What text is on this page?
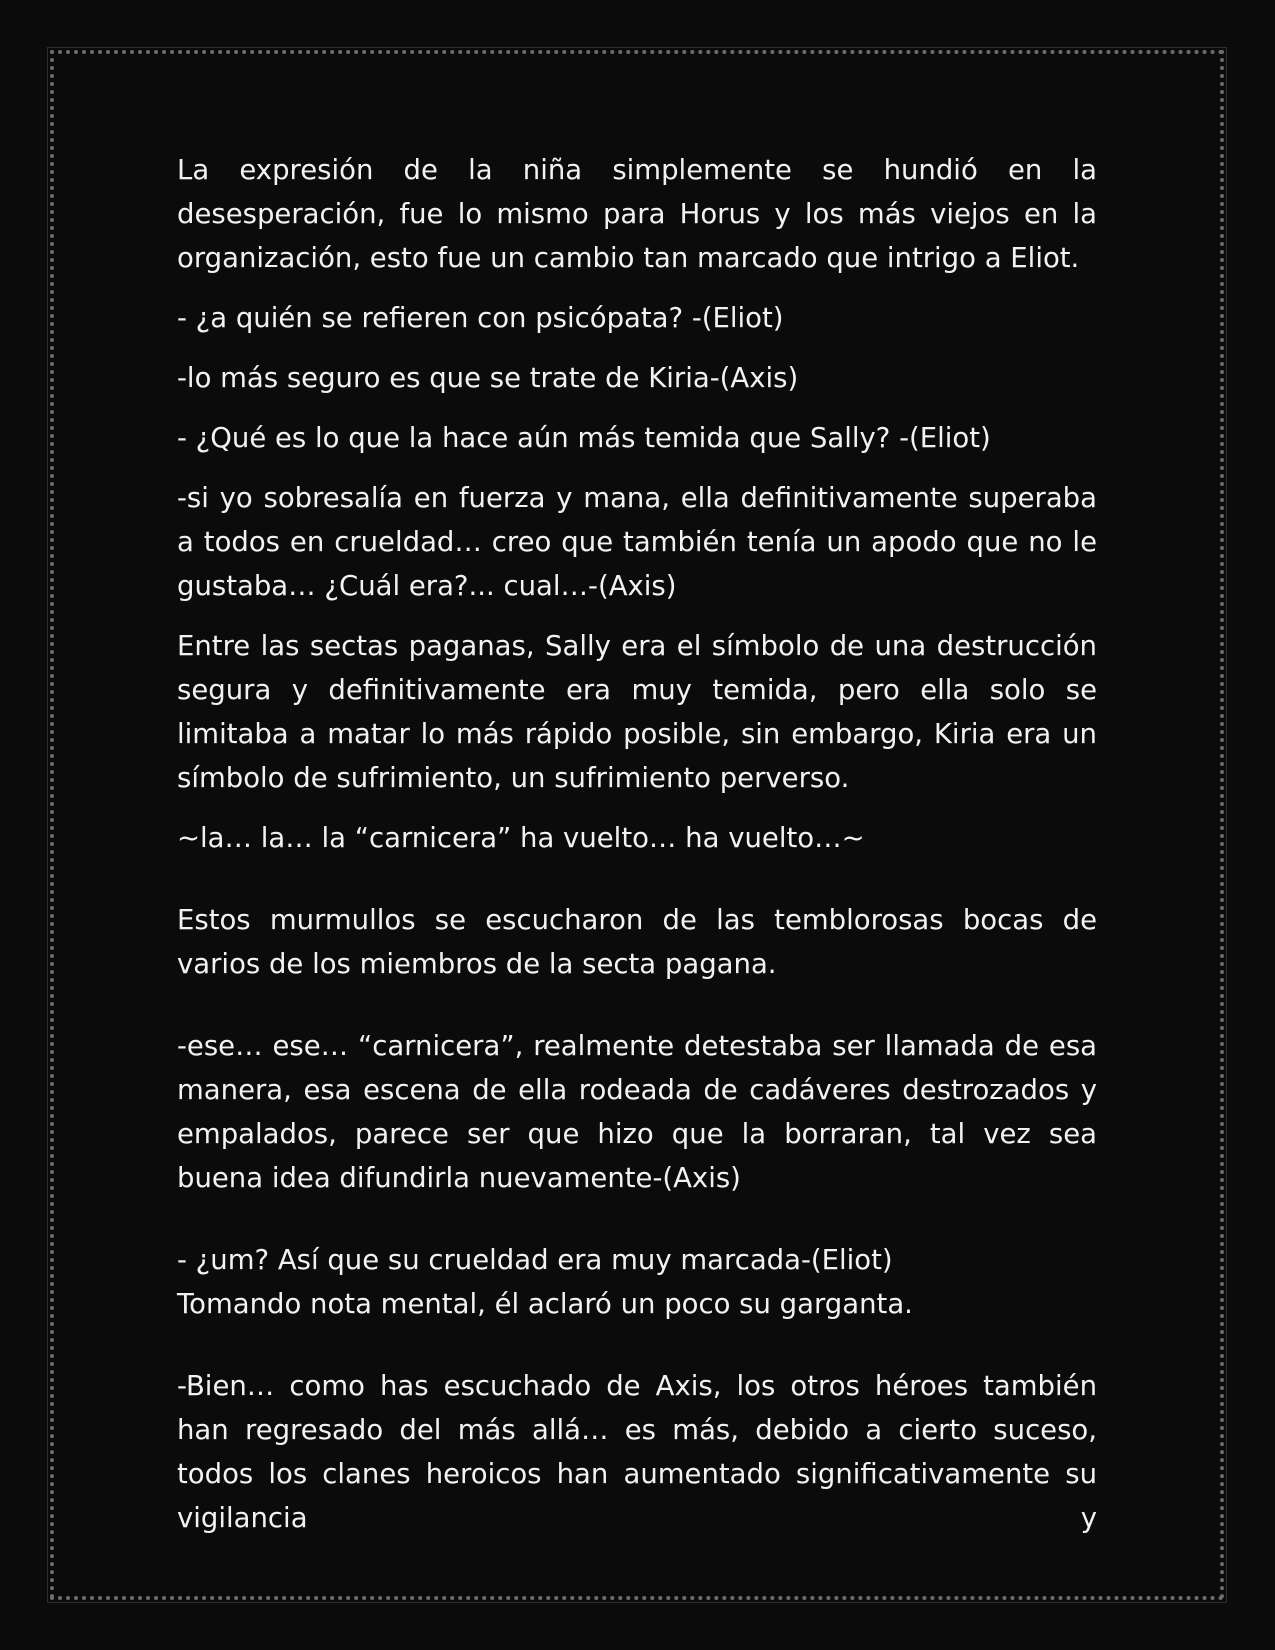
La expresión de la niña simplemente se hundió en la desesperación, fue lo mismo para Horus y los más viejos en la organización, esto fue un cambio tan marcado que intrigo a Eliot.

- ¿a quién se refieren con psicópata? -(Eliot)

-lo más seguro es que se trate de Kiria-(Axis)

- ¿Qué es lo que la hace aún más temida que Sally? -(Eliot)

-si yo sobresalía en fuerza y mana, ella definitivamente superaba a todos en crueldad… creo que también tenía un apodo que no le gustaba… ¿Cuál era?... cual…-(Axis)

Entre las sectas paganas, Sally era el símbolo de una destrucción segura y definitivamente era muy temida, pero ella solo se limitaba a matar lo más rápido posible, sin embargo, Kiria era un símbolo de sufrimiento, un sufrimiento perverso.

~la… la… la “carnicera” ha vuelto… ha vuelto…~

Estos murmullos se escucharon de las temblorosas bocas de varios de los miembros de la secta pagana.

-ese… ese… “carnicera”, realmente detestaba ser llamada de esa manera, esa escena de ella rodeada de cadáveres destrozados y empalados, parece ser que hizo que la borraran, tal vez sea buena idea difundirla nuevamente-(Axis)

- ¿um? Así que su crueldad era muy marcada-(Eliot)

Tomando nota mental, él aclaró un poco su garganta.

-Bien… como has escuchado de Axis, los otros héroes también han regresado del más allá… es más, debido a cierto suceso, todos los clanes heroicos han aumentado significativamente su vigilancia y
